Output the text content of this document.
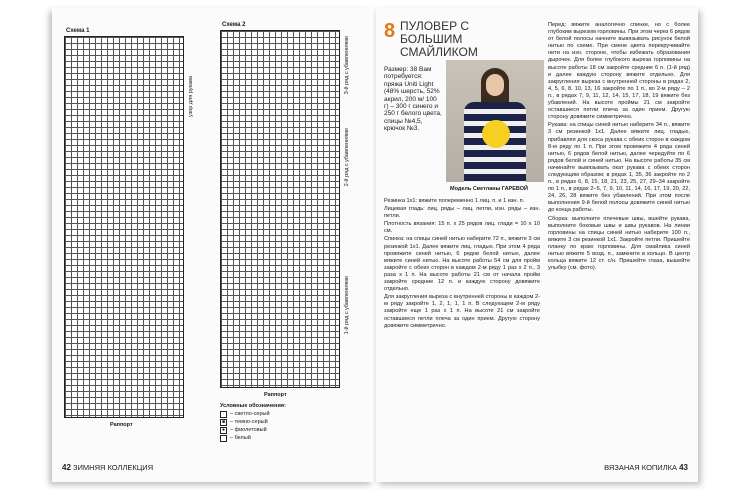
Схема 1
узор для рукава
Раппорт
Схема 2
3-й ряд с убавлениями
2-й ряд с убавлениями
1-й ряд с убавлениями
Раппорт
Условные обозначения:
·	– светло-серый
■ – темно-серый
● – фиолетовый
– белый
42 ЗИМНЯЯ КОЛЛЕКЦИЯ
8 ПУЛОВЕР С БОЛЬШИМ СМАЙЛИКОМ
Размер: 38 Вам потребуется: пряжа Uniti Light (48% шерсть, 52% акрил, 200 м/ 100 г) – 300 г синего и 250 г белого цвета, спицы №4,5, крючок №3.
Модель Светланы ГАРЕВОЙ

Резинка 1х1: вяжите попеременно 1 лиц. п. и 1 изн. п.

Лицевая гладь: лиц. ряды – лиц. петли, изн. ряды – изн. петли.

Плотность вязания: 15 п. х 25 рядов лиц. глади = 10 х 10 см.

Спинка: на спицы синей нитью наберите 72 п., вяжите 3 см резинкой 1х1. Далее вяжите лиц. гладью. При этом 4 ряда провяжите синей нитью, 6 рядов белой нитью, далее вяжите синей нитью. На высоте работы 54 см для пройм закройте с обеих сторон в каждом 2-м ряду 1 раз х 2 п., 3 раза х 1 п. На высоте работы 21 см от начала пройм закройте средние 12 п. и каждую сторону довяжите отдельно.

Для закругления выреза с внутренней стороны в каждом 2-м ряду закройте 1, 2, 1, 1, 1 п. В следующем 2-м ряду закройте еще 1 раз х 1 п. На высоте 21 см закройте оставшиеся петли плеча за один прием. Другую сторону довяжите симметрично.

Перед: вяжите аналогично спинке, но с более глубоким вырезом горловины. При этом через 6 рядов от белой полосы начните вывязывать рисунок белой нитью по схеме. При смене цвета перекручивайте нити на изн. стороне, чтобы избежать образования дырочек. Для более глубокого выреза горловины на высоте работы 18 см закройте средние 6 п. (1-й ряд) и далее каждую сторону вяжите отдельно. Для закругления выреза с внутренней стороны в рядах 2, 4, 5, 6, 8, 10, 13, 16 закройте по 1 п., во 2-м ряду – 2 п., в рядах 7, 9, 11, 12, 14, 15, 17, 18, 19 вяжите без убавлений. На высоте проймы 21 см закройте оставшиеся петли плеча за один прием. Другую сторону довяжите симметрично.

Рукава: на спицы синей нитью наберите 34 п., вяжите 3 см резинкой 1х1. Далее вяжите лиц. гладью, прибавляя для скоса рукава с обеих сторон в каждом 8-м ряду по 1 п. При этом провяжите 4 ряда синей нитью, 6 рядов белой нитью, далее чередуйте по 6 рядов белой и синей нитью. На высоте работы 35 см начинайте вывязывать окат рукава с обеих сторон следующим образом: в рядах 1, 35, 36 закройте по 2 п., в рядах 6, 8, 15, 18, 21, 23, 25, 27, 29–34 закройте по 1 п., в рядах 2–5, 7, 9, 10, 11, 14, 16, 17, 19, 20, 22, 24, 26, 28 вяжите без убавлений. При этом после выполнения 9-й белой полосы довяжите синей нитью до конца работы.

Сборка: выполните плечевые швы, вшейте рукава, выполните боковые швы и швы рукавов. На линии горловины на спицы синей нитью наберите 100 п., вяжите 3 см резинкой 1х1. Закройте петли. Пришейте планку по краю горловины. Для смайлика синей нитью вяжите 5 возд. п., замкните в кольцо. В центр кольца вяжите 12 ст. с/н. Пришейте глаза, вышейте улыбку (см. фото).

ВЯЗАНАЯ КОПИЛКА 43
